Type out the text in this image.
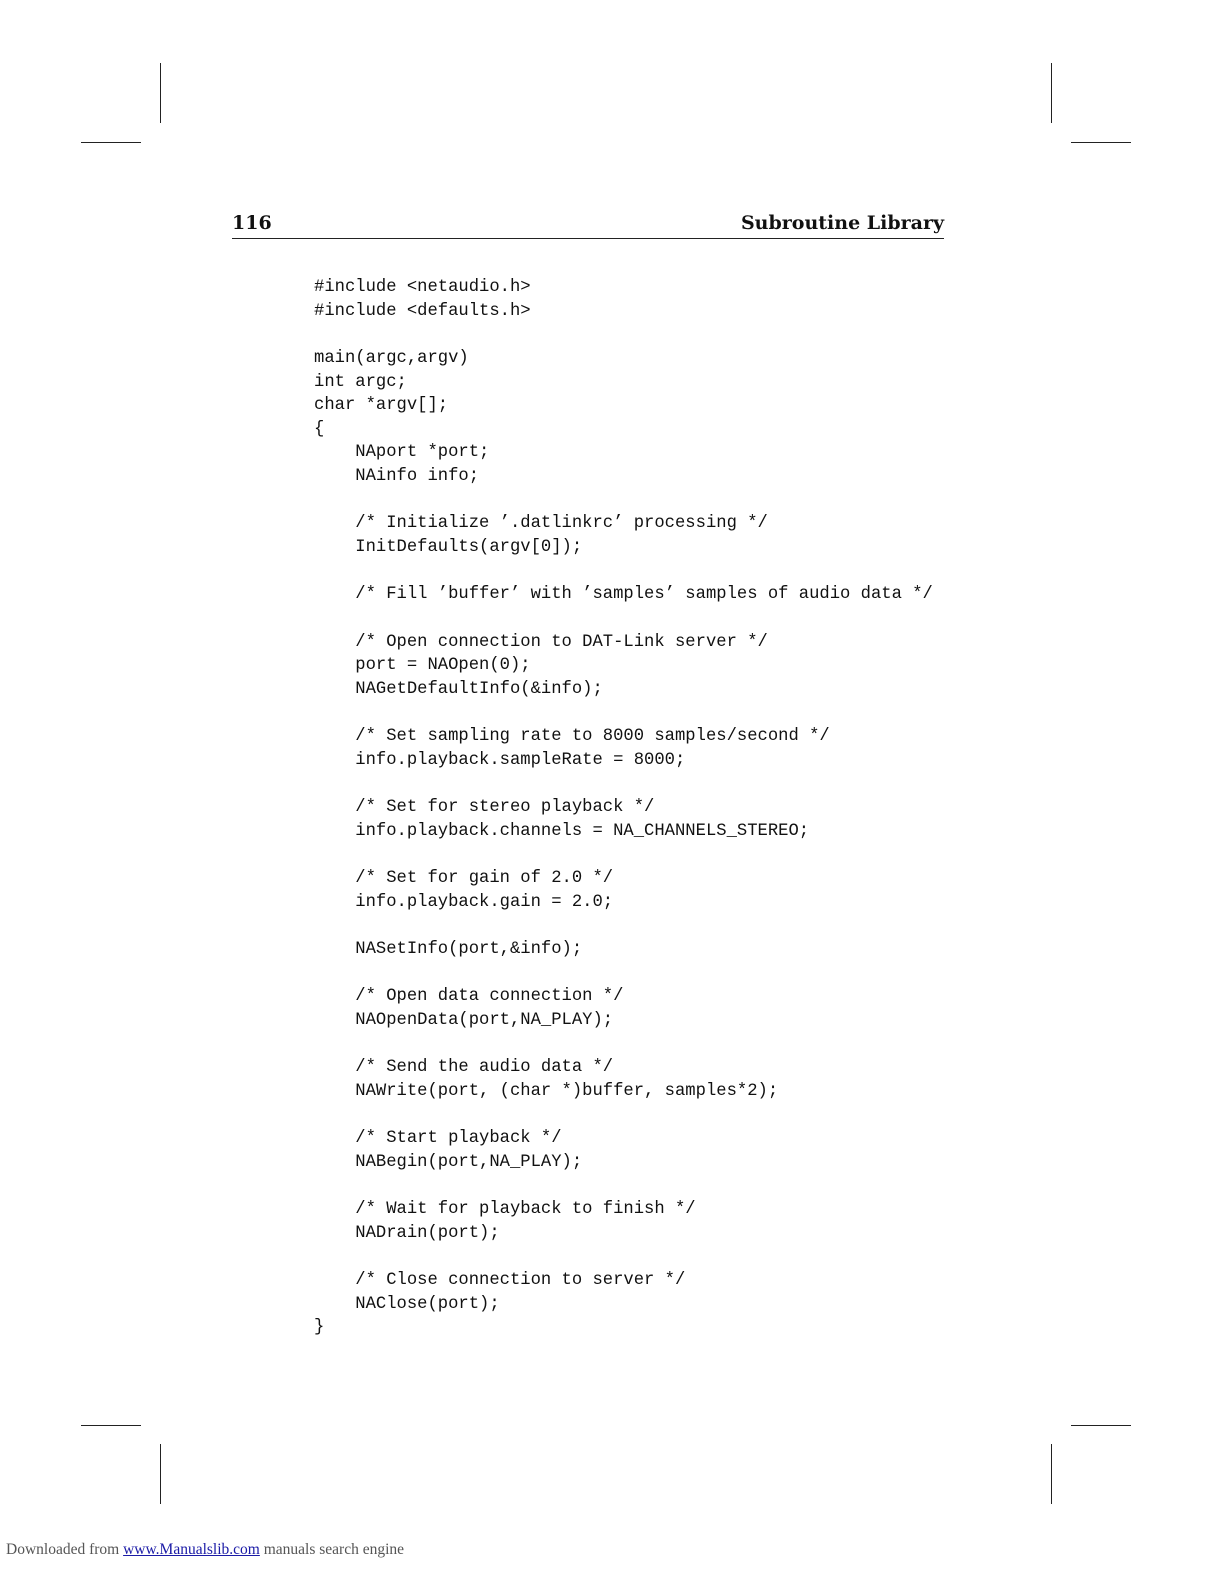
116	Subroutine Library
#include <netaudio.h>
#include <defaults.h>
main(argc,argv)
int argc;
char *argv[];
{
NAport *port;
NAinfo info;
/* Initialize ’.datlinkrc’ processing */
InitDefaults(argv[0]);
/* Fill ’buffer’ with ’samples’ samples of audio data */
/* Open connection to DAT-Link server */
port = NAOpen(0);
NAGetDefaultInfo(&info);
/* Set sampling rate to 8000 samples/second */
info.playback.sampleRate = 8000;
/* Set for stereo playback */
info.playback.channels = NA_CHANNELS_STEREO;
/* Set for gain of 2.0 */
info.playback.gain = 2.0;
NASetInfo(port,&info);
/* Open data connection */
NAOpenData(port,NA_PLAY);
/* Send the audio data */
NAWrite(port, (char *)buffer, samples*2);
/* Start playback */
NABegin(port,NA_PLAY);
/* Wait for playback to finish */
NADrain(port);
/* Close connection to server */
NAClose(port);
}
Downloaded from www.Manualslib.com manuals search engine
